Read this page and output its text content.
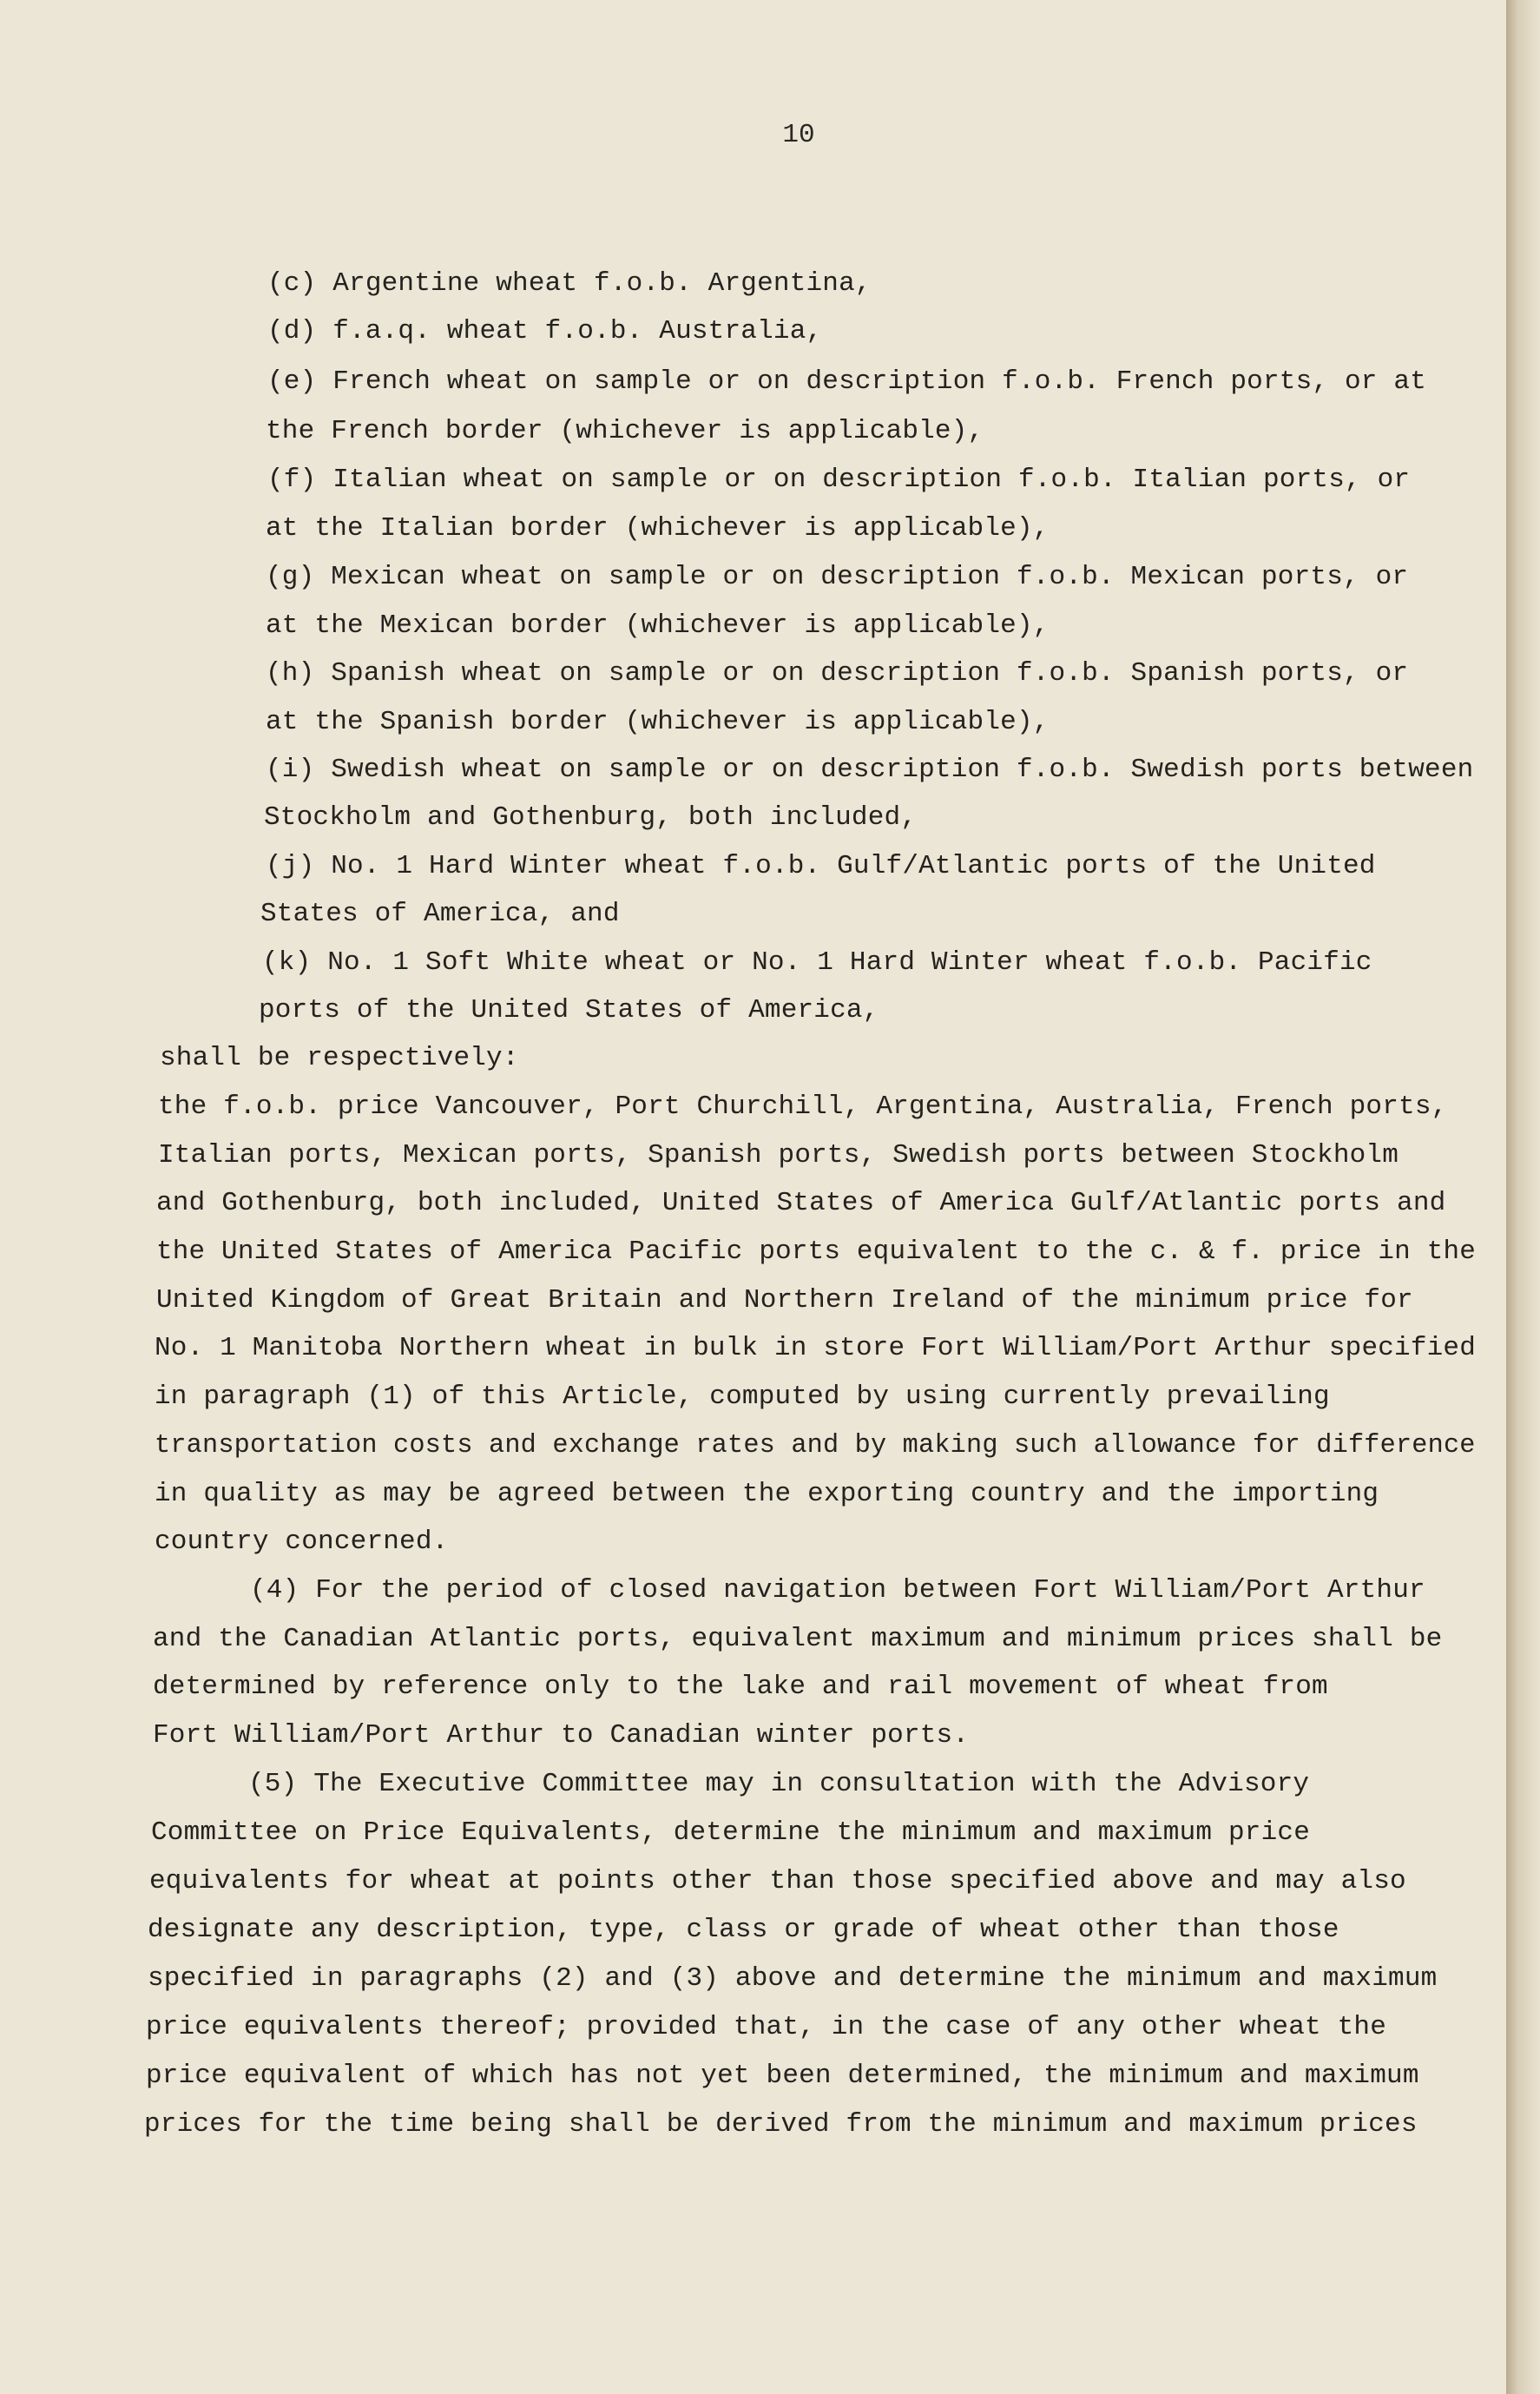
10
(c) Argentine wheat f.o.b. Argentina,
(d) f.a.q. wheat f.o.b. Australia,
(e) French wheat on sample or on description f.o.b. French ports, or at
the French border (whichever is applicable),
(f) Italian wheat on sample or on description f.o.b. Italian ports, or
at the Italian border (whichever is applicable),
(g) Mexican wheat on sample or on description f.o.b. Mexican ports, or
at the Mexican border (whichever is applicable),
(h) Spanish wheat on sample or on description f.o.b. Spanish ports, or
at the Spanish border (whichever is applicable),
(i) Swedish wheat on sample or on description f.o.b. Swedish ports between
Stockholm and Gothenburg, both included,
(j) No. 1 Hard Winter wheat f.o.b. Gulf/Atlantic ports of the United
States of America, and
(k) No. 1 Soft White wheat or No. 1 Hard Winter wheat f.o.b. Pacific
ports of the United States of America,
shall be respectively:
the f.o.b. price Vancouver, Port Churchill, Argentina, Australia, French ports,
Italian ports, Mexican ports, Spanish ports, Swedish ports between Stockholm
and Gothenburg, both included, United States of America Gulf/Atlantic ports and
the United States of America Pacific ports equivalent to the c. & f. price in the
United Kingdom of Great Britain and Northern Ireland of the minimum price for
No. 1 Manitoba Northern wheat in bulk in store Fort William/Port Arthur specified
in paragraph (1) of this Article, computed by using currently prevailing
transportation costs and exchange rates and by making such allowance for difference
in quality as may be agreed between the exporting country and the importing
country concerned.
(4) For the period of closed navigation between Fort William/Port Arthur
and the Canadian Atlantic ports, equivalent maximum and minimum prices shall be
determined by reference only to the lake and rail movement of wheat from
Fort William/Port Arthur to Canadian winter ports.
(5) The Executive Committee may in consultation with the Advisory
Committee on Price Equivalents, determine the minimum and maximum price
equivalents for wheat at points other than those specified above and may also
designate any description, type, class or grade of wheat other than those
specified in paragraphs (2) and (3) above and determine the minimum and maximum
price equivalents thereof; provided that, in the case of any other wheat the
price equivalent of which has not yet been determined, the minimum and maximum
prices for the time being shall be derived from the minimum and maximum prices
